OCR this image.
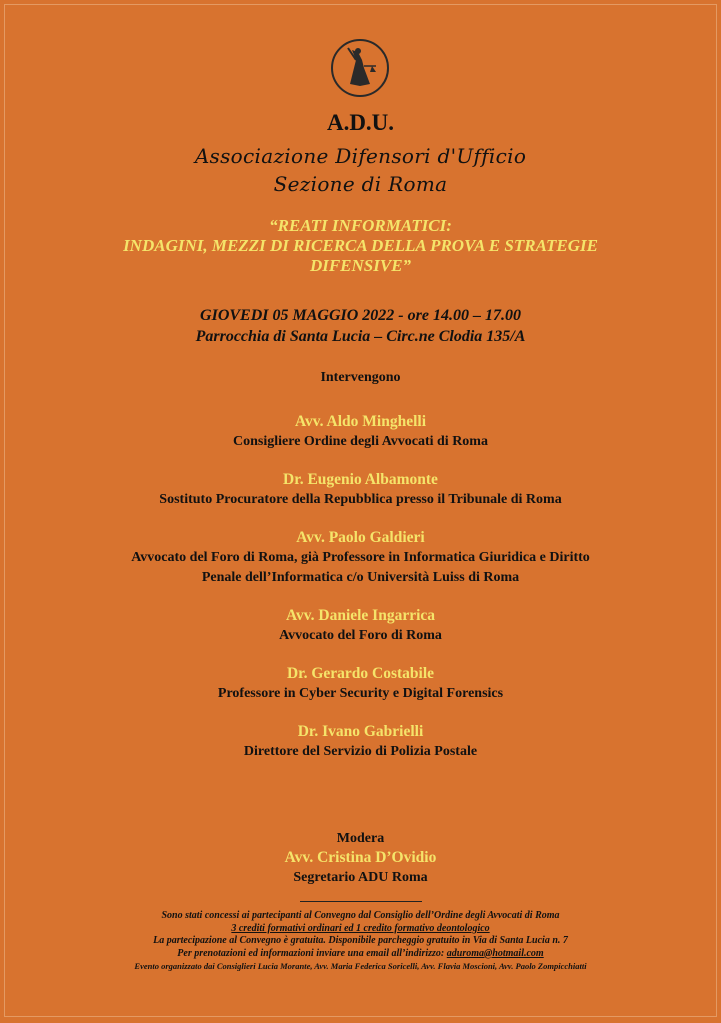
A.D.U.
Associazione Difensori d'Ufficio
Sezione di Roma
“REATI INFORMATICI:
INDAGINI, MEZZI DI RICERCA DELLA PROVA E STRATEGIE
DIFENSIVE”
GIOVEDI 05 MAGGIO 2022 - ore 14.00 – 17.00
Parrocchia di Santa Lucia – Circ.ne Clodia 135/A
Intervengono
Avv. Aldo Minghelli
Consigliere Ordine degli Avvocati di Roma
Dr. Eugenio Albamonte
Sostituto Procuratore della Repubblica presso il Tribunale di Roma
Avv. Paolo Galdieri
Avvocato del Foro di Roma, già Professore in Informatica Giuridica e Diritto
Penale dell’Informatica c/o Università Luiss di Roma
Avv. Daniele Ingarrica
Avvocato del Foro di Roma
Dr. Gerardo Costabile
Professore in Cyber Security e Digital Forensics
Dr. Ivano Gabrielli
Direttore del Servizio di Polizia Postale
Modera
Avv. Cristina D’Ovidio
Segretario ADU Roma
Sono stati concessi ai partecipanti al Convegno dal Consiglio dell’Ordine degli Avvocati di Roma
3 crediti formativi ordinari ed 1 credito formativo deontologico
La partecipazione al Convegno è gratuita. Disponibile parcheggio gratuito in Via di Santa Lucia n. 7
Per prenotazioni ed informazioni inviare una email all’indirizzo: aduroma@hotmail.com
Evento organizzato dai Consiglieri Lucia Morante, Avv. Maria Federica Soricelli, Avv. Flavia Moscioni, Avv. Paolo Zompicchiatti
